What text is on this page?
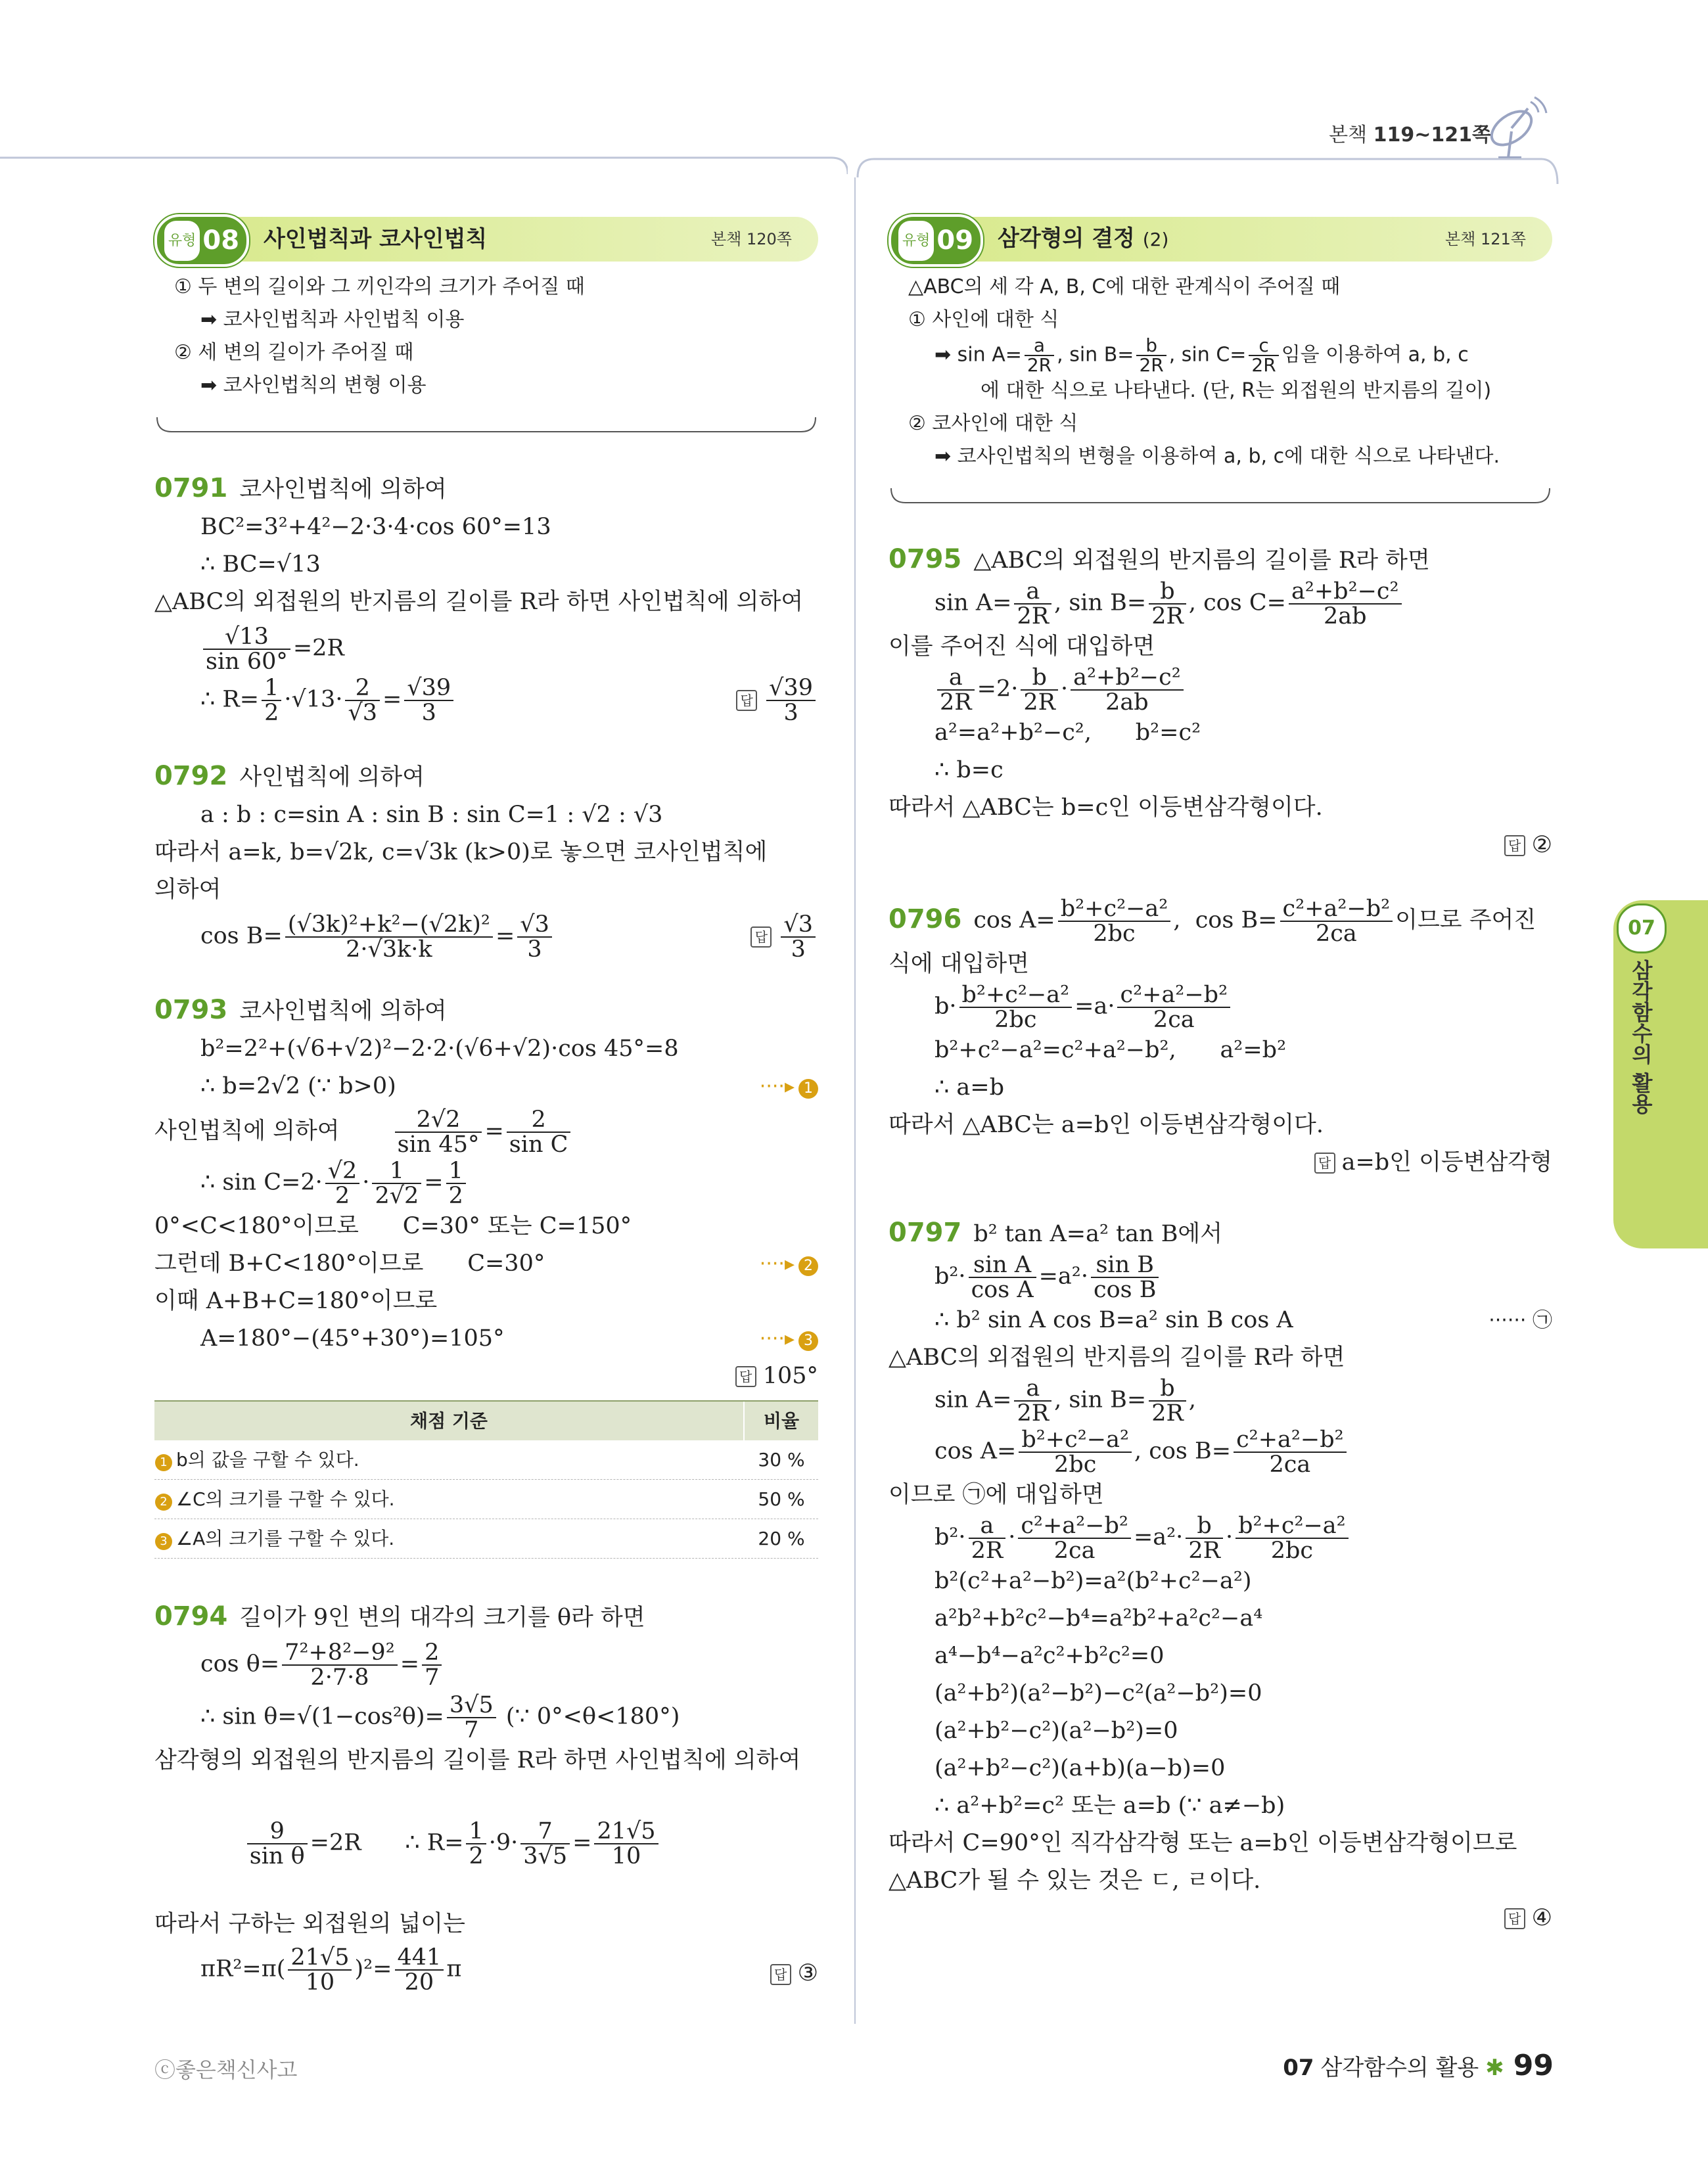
본책 119~121쪽
유형 08 사인법칙과 코사인법칙	본책 120쪽
① 두 변의 길이와 그 끼인각의 크기가 주어질 때
➡ 코사인법칙과 사인법칙 이용
② 세 변의 길이가 주어질 때
➡ 코사인법칙의 변형 이용
0791 코사인법칙에 의하여
BC²=3²+4²−2·3·4·cos 60°=13
∴ BC=√13
△ABC의 외접원의 반지름의 길이를 R라 하면 사인법칙에 의하여
$\frac{√13}{\sin 60^\circ} =2R$
∴ $R= \frac{1}{2} \cdot√13\cdot \frac{2}{√3} = \frac{√39}{3}$	답 $\frac{√39}{3}$
0792 사인법칙에 의하여
a : b : c=sin A : sin B : sin C=1 : √2 : √3
따라서 a=k, b=√2k, c=√3k (k>0)로 놓으면 코사인법칙에
의하여
$\cos B= \frac{\text{(√3k)²+k²−(√2k)²}}{2\cdot√3k\cdot k} = \frac{√3}{3}$	답 $\frac{√3}{3}$
0793 코사인법칙에 의하여
b²=2²+(√6+√2)²−2·2·(√6+√2)·cos 45°=8
∴ b=2√2 (∵ b>0)	····▸ 1
사인법칙에 의하여 $\frac{2√2}{\sin 45^\circ} = \frac{2}{\text{sin C}}$
∴ $\sin C=2\cdot \frac{√2}{2} \cdot \frac{1}{2√2} = \frac{1}{2}$
0°<C<180°이므로      C=30° 또는 C=150°
그런데 B+C<180°이므로      C=30°	····▸ 2
이때 A+B+C=180°이므로
A=180°−(45°+30°)=105°	····▸ 3
답 105°
채점 기준	비율
1 b의 값을 구할 수 있다.	30 %
2 ∠C의 크기를 구할 수 있다.	50 %
3 ∠A의 크기를 구할 수 있다.	20 %
0794 길이가 9인 변의 대각의 크기를 θ라 하면
$\cos \theta= \frac{\text{7²+8²−9²}}{2\cdot 7\cdot 8} = \frac{2}{7}$
∴ $\sin \theta=√(1-\cos^2\theta)= \frac{3√5}{7}$ (∵ 0°<θ<180°)
삼각형의 외접원의 반지름의 길이를 R라 하면 사인법칙에 의하여

$\frac{9}{\text{sin θ}} =2R$      ∴ $R= \frac{1}{2} \cdot 9\cdot \frac{7}{3√5} = \frac{21√5}{10}$

따라서 구하는 외접원의 넓이는
$\pi R^2=\pi( \frac{21√5}{10} )^2= \frac{441}{20}$ π	답 ③
유형 09 삼각형의 결정 (2)	본책 121쪽
△ABC의 세 각 A, B, C에 대한 관계식이 주어질 때
① 사인에 대한 식
➡ $\sin A= \frac{a}{2R}$ , $\sin B= \frac{b}{2R}$ , $\sin C= \frac{c}{2R}$ 임을 이용하여 a, b, c
에 대한 식으로 나타낸다. (단, R는 외접원의 반지름의 길이)
② 코사인에 대한 식
➡ 코사인법칙의 변형을 이용하여 a, b, c에 대한 식으로 나타낸다.
0795 △ABC의 외접원의 반지름의 길이를 R라 하면
$\sin A= \frac{a}{2R}$ , $\sin B= \frac{b}{2R}$ , $\cos C= \frac{\text{a²+b²−c²}}{2ab}$
이를 주어진 식에 대입하면
$\frac{a}{2R} =2\cdot \frac{b}{2R} \cdot \frac{\text{a²+b²−c²}}{2ab}$
a²=a²+b²−c²,      b²=c²
∴ b=c
따라서 △ABC는 b=c인 이등변삼각형이다.
답 ②
0796 $\cos A= \frac{\text{b²+c²−a²}}{2bc}$ ,  $\cos B= \frac{\text{c²+a²−b²}}{2ca}$ 이므로 주어진
식에 대입하면
$b\cdot \frac{\text{b²+c²−a²}}{2bc} =a\cdot \frac{\text{c²+a²−b²}}{2ca}$
b²+c²−a²=c²+a²−b²,      a²=b²
∴ a=b
따라서 △ABC는 a=b인 이등변삼각형이다.
답 a=b인 이등변삼각형
0797 b² tan A=a² tan B에서
$b^2\cdot \frac{\text{sin A}}{\text{cos A}} =a^2\cdot \frac{\text{sin B}}{\text{cos B}}$
∴ b² sin A cos B=a² sin B cos A	······ ㉠
△ABC의 외접원의 반지름의 길이를 R라 하면
$\sin A= \frac{a}{2R}$ , $\sin B= \frac{b}{2R}$ ,
$\cos A= \frac{\text{b²+c²−a²}}{2bc}$ , $\cos B= \frac{\text{c²+a²−b²}}{2ca}$
이므로 ㉠에 대입하면
$b^2\cdot \frac{a}{2R} \cdot \frac{\text{c²+a²−b²}}{2ca} =a^2\cdot \frac{b}{2R} \cdot \frac{\text{b²+c²−a²}}{2bc}$
b²(c²+a²−b²)=a²(b²+c²−a²)
a²b²+b²c²−b⁴=a²b²+a²c²−a⁴
a⁴−b⁴−a²c²+b²c²=0
(a²+b²)(a²−b²)−c²(a²−b²)=0
(a²+b²−c²)(a²−b²)=0
(a²+b²−c²)(a+b)(a−b)=0
∴ a²+b²=c² 또는 a=b (∵ a≠−b)
따라서 C=90°인 직각삼각형 또는 a=b인 이등변삼각형이므로
△ABC가 될 수 있는 것은 ㄷ, ㄹ이다.
답 ④
07
삼각함수의 활용
ⓒ좋은책신사고	07 삼각함수의 활용 ✱ 99
